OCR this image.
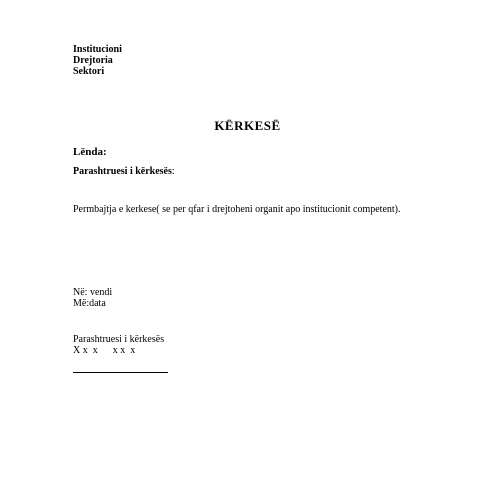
Institucioni
Drejtoria
Sektori
KËRKESË
Lënda:
Parashtruesi i kërkesës:
Permbajtja e kerkese( se per qfar i drejtoheni organit apo institucionit competent).
Në: vendi
Më:data
Parashtruesi i kërkesës
X x  x      x x  x
